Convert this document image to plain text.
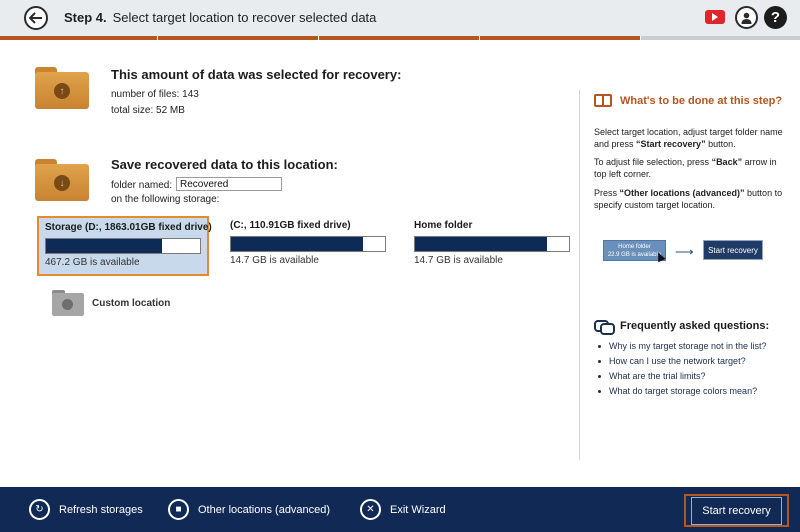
Step 4. Select target location to recover selected data	?
↑
This amount of data was selected for recovery:
number of files: 143
total size: 52 MB
↓
Save recovered data to this location:
folder named:
Recovered
on the following storage:
Storage (D:, 1863.01GB fixed drive)
467.2 GB is available
(C:, 110.91GB fixed drive)
14.7 GB is available
Home folder
14.7 GB is available
Custom location
What's to be done at this step?
Select target location, adjust target folder name and press “Start recovery” button.
To adjust file selection, press “Back” arrow in top left corner.
Press “Other locations (advanced)” button to specify custom target location.
Home folder
22.9 GB is available ⟶	Start recovery
Frequently asked questions:
Why is my target storage not in the list?
How can I use the network target?
What are the trial limits?
What do target storage colors mean?
↻	Refresh storages	■	Other locations (advanced)	✕	Exit Wizard	Start recovery
